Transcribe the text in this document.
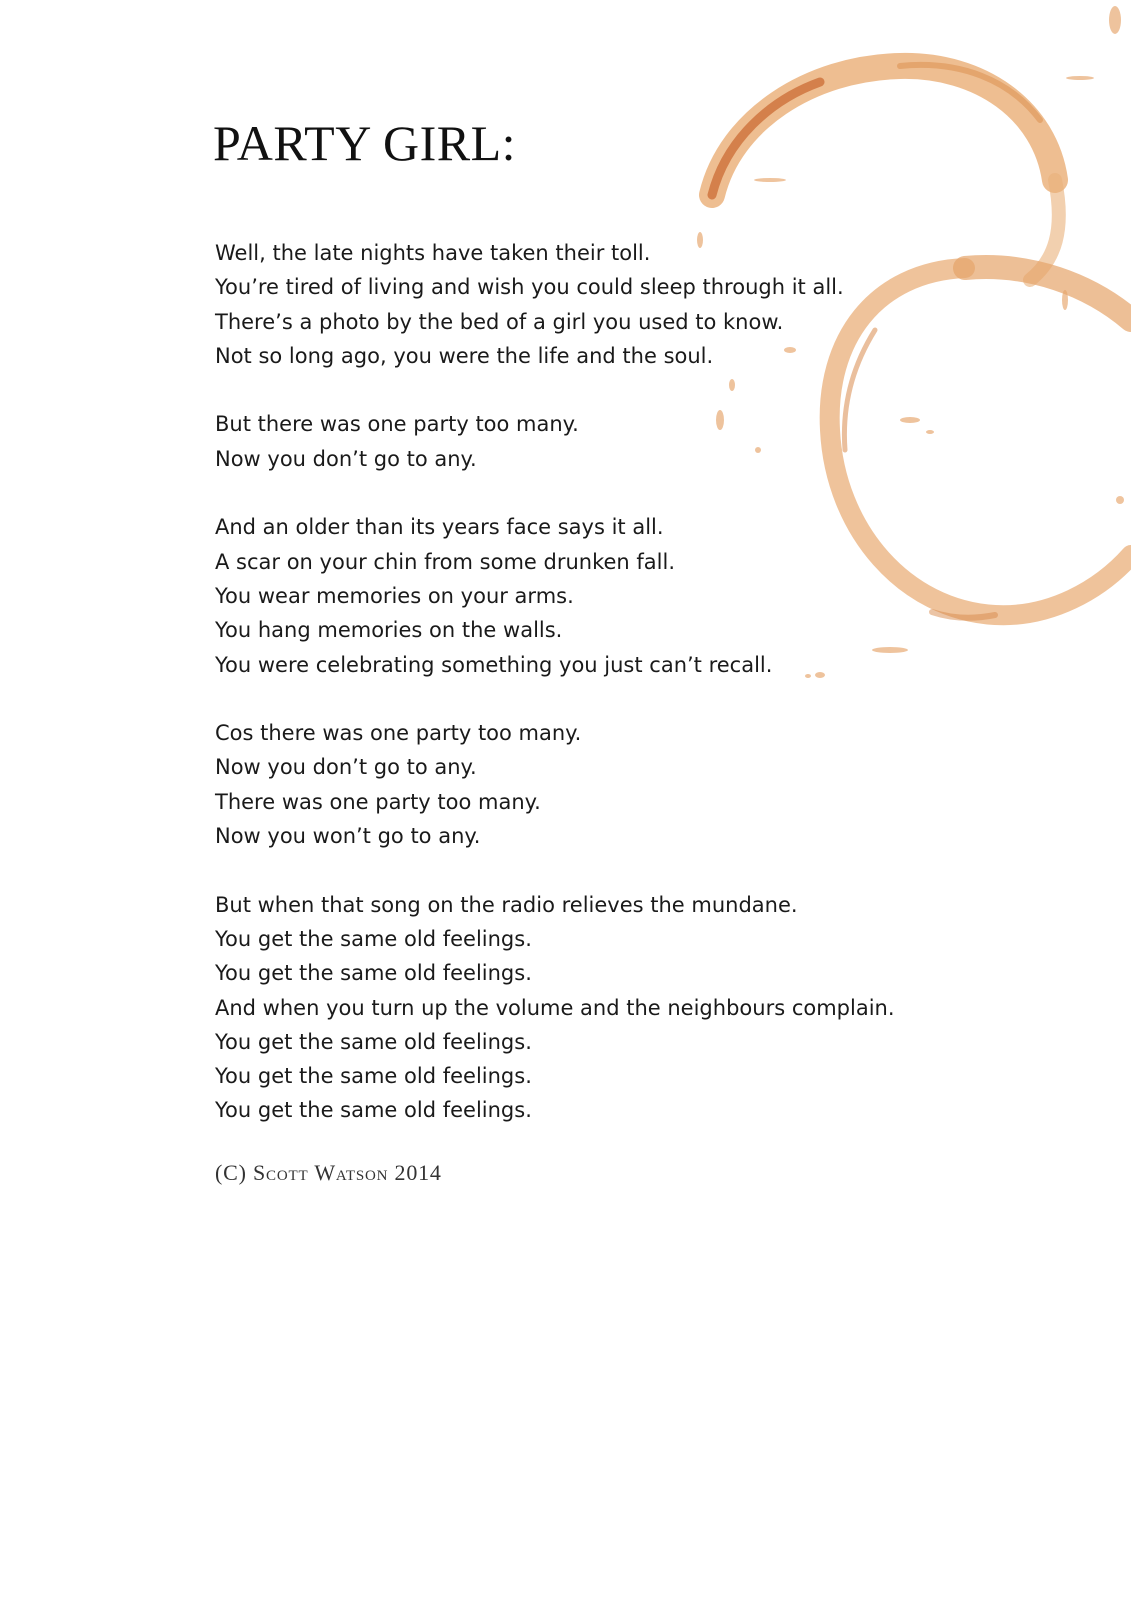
PARTY GIRL:
Well, the late nights have taken their toll.
You’re tired of living and wish you could sleep through it all.
There’s a photo by the bed of a girl you used to know.
Not so long ago, you were the life and the soul.
But there was one party too many.
Now you don’t go to any.
And an older than its years face says it all.
A scar on your chin from some drunken fall.
You wear memories on your arms.
You hang memories on the walls.
You were celebrating something you just can’t recall.
Cos there was one party too many.
Now you don’t go to any.
There was one party too many.
Now you won’t go to any.
But when that song on the radio relieves the mundane.
You get the same old feelings.
You get the same old feelings.
And when you turn up the volume and the neighbours complain.
You get the same old feelings.
You get the same old feelings.
You get the same old feelings.

(C) Scott Watson 2014
